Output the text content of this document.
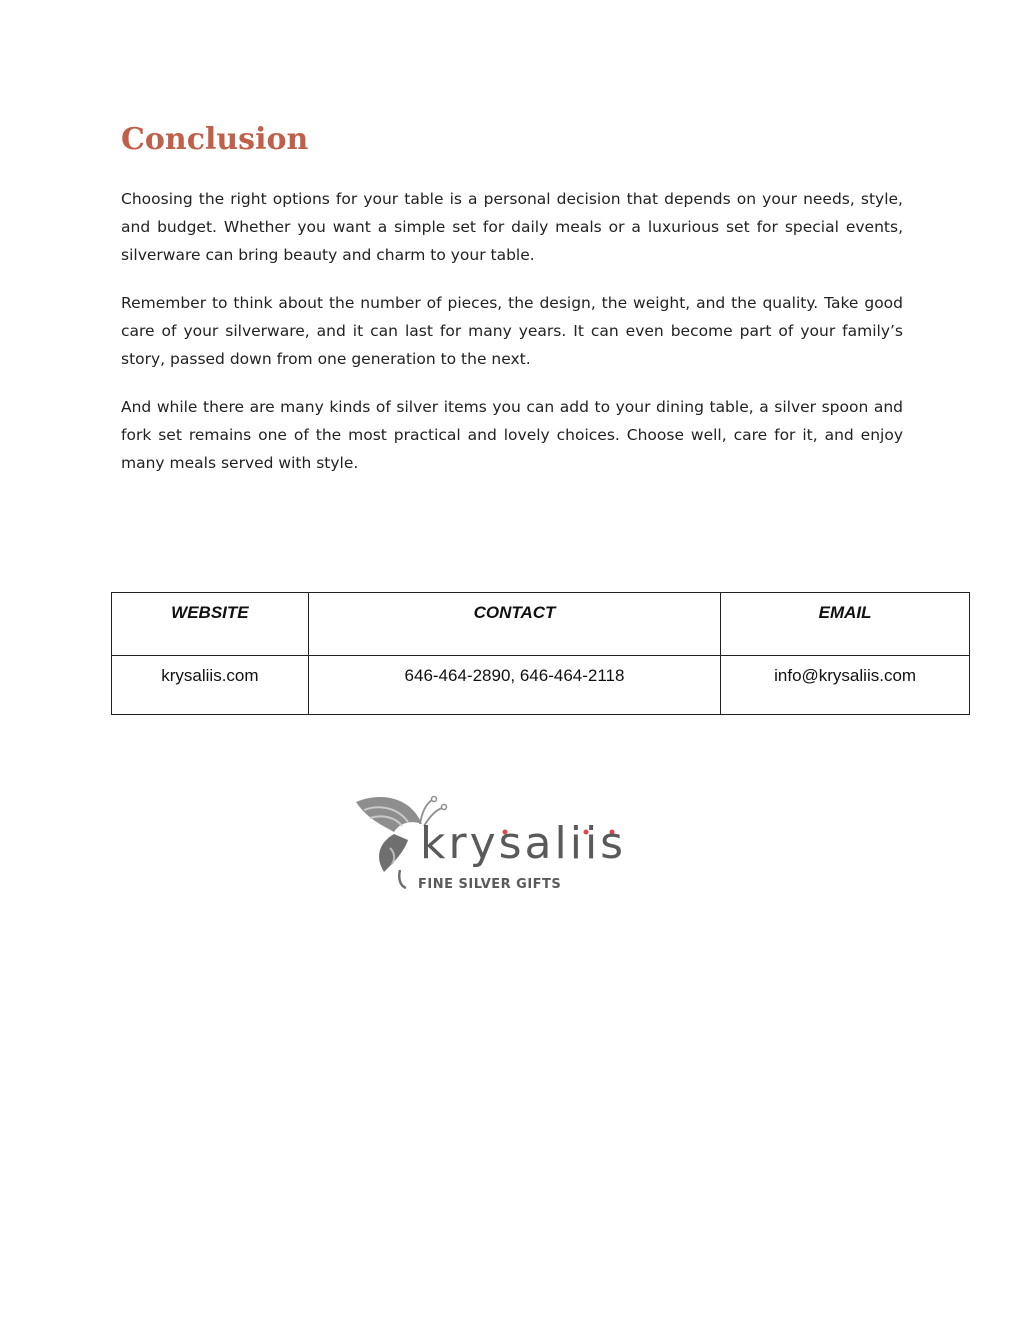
Conclusion

Choosing the right options for your table is a personal decision that depends on your needs, style, and budget. Whether you want a simple set for daily meals or a luxurious set for special events, silverware can bring beauty and charm to your table.

Remember to think about the number of pieces, the design, the weight, and the quality. Take good care of your silverware, and it can last for many years. It can even become part of your family’s story, passed down from one generation to the next.

And while there are many kinds of silver items you can add to your dining table, a silver spoon and fork set remains one of the most practical and lovely choices. Choose well, care for it, and enjoy many meals served with style.

WEBSITE	CONTACT	EMAIL
krysaliis.com	646-464-2890, 646-464-2118	info@krysaliis.com
krysaliis
FINE SILVER GIFTS
